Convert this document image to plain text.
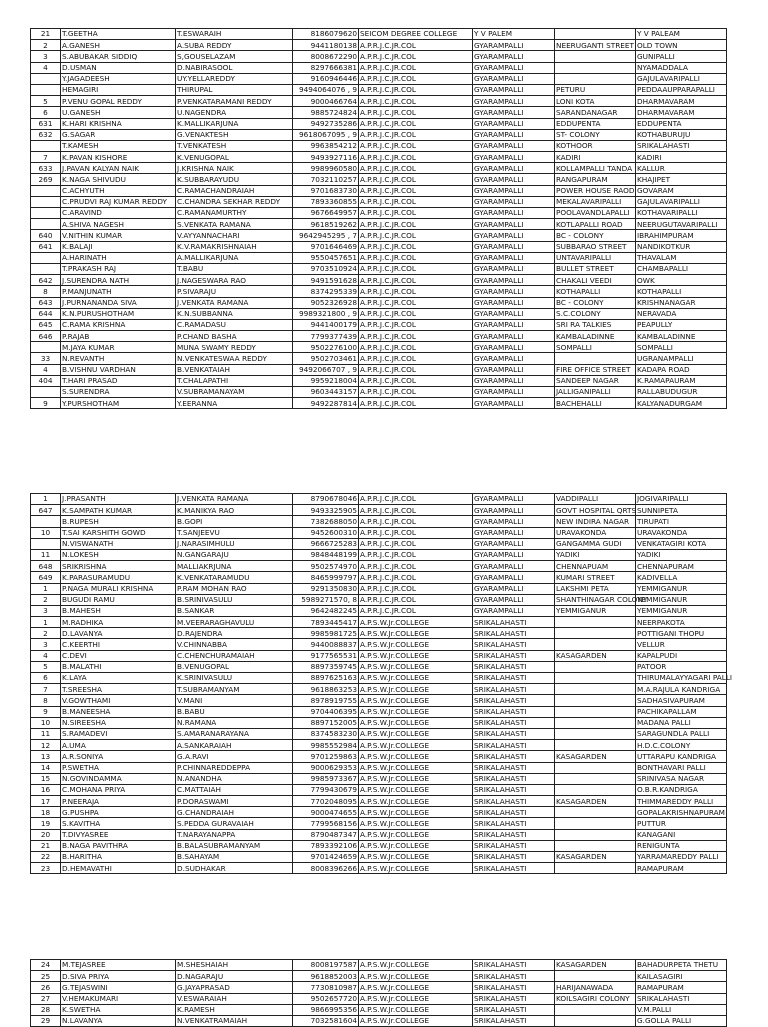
21	T.GEETHA	T.ESWARAIH	8186079620	SEICOM DEGREE COLLEGE	Y V PALEM		Y V PALEAM
2	A.GANESH	A.SUBA REDDY	9441180138	A.P.R.J.C.JR.COL	GYARAMPALLI	NEERUGANTI STREET	OLD TOWN
3	S.ABUBAKAR SIDDIQ	S,GOUSELAZAM	8008672290	A.P.R.J.C.JR.COL	GYARAMPALLI		GUNIPALLI
4	D.USMAN	D.NABIRASOOL	8297666381	A.P.R.J.C.JR.COL	GYARAMPALLI		NYAMADDALA
	Y.JAGADEESH	UY.YELLAREDDY	9160946446	A.P.R.J.C.JR.COL	GYARAMPALLI		GAJULAVARIPALLI
	HEMAGIRI	THIRUPAL	9494064076 , 9	A.P.R.J.C.JR.COL	GYARAMPALLI	PETURU	PEDDAAUPPARAPALLI
5	P.VENU GOPAL REDDY	P.VENKATARAMANI REDDY	9000466764	A.P.R.J.C.JR.COL	GYARAMPALLI	LONI KOTA	DHARMAVARAM
6	U.GANESH	U.NAGENDRA	9885724824	A.P.R.J.C.JR.COL	GYARAMPALLI	SARANDANAGAR	DHARMAVARAM
631	K.HARI KRISHNA	K.MALLIKARJUNA	9492735286	A.P.R.J.C.JR.COL	GYARAMPALLI	EDDUPENTA	EDDUPENTA
632	G.SAGAR	G.VENAKTESH	9618067095 , 9	A.P.R.J.C.JR.COL	GYARAMPALLI	ST- COLONY	KOTHABURUJU
	T.KAMESH	T.VENKATESH	9963854212	A.P.R.J.C.JR.COL	GYARAMPALLI	KOTHOOR	SRIKALAHASTI
7	K.PAVAN KISHORE	K.VENUGOPAL	9493927116	A.P.R.J.C.JR.COL	GYARAMPALLI	KADIRI	KADIRI
633	J.PAVAN KALYAN NAIK	J.KRISHNA NAIK	9989960580	A.P.R.J.C.JR.COL	GYARAMPALLI	KOLLAMPALLI TANDA	KALLUR
269	K.NAGA SHIVUDU	K.SUBBARAYUDU	7032110257	A.P.R.J.C.JR.COL	GYARAMPALLI	RANGAPURAM	KHAJIPET
	C.ACHYUTH	C.RAMACHANDRAIAH	9701683730	A.P.R.J.C.JR.COL	GYARAMPALLI	POWER HOUSE RAOD	GOVARAM
	C.PRUDVI RAJ KUMAR REDDY	C.CHANDRA SEKHAR REDDY	7893360855	A.P.R.J.C.JR.COL	GYARAMPALLI	MEKALAVARIPALLI	GAJULAVARIPALLI
	C.ARAVIND	C.RAMANAMURTHY	9676649957	A.P.R.J.C.JR.COL	GYARAMPALLI	POOLAVANDLAPALLI	KOTHAVARIPALLI
	A.SHIVA NAGESH	S.VENKATA RAMANA	9618519262	A.P.R.J.C.JR.COL	GYARAMPALLI	KOTLAPALLI ROAD	NEERUGUTAVARIPALLI
640	V.NITHIN KUMAR	V.AYYANNACHARI	9642945295 , 7	A.P.R.J.C.JR.COL	GYARAMPALLI	BC - COLONY	IBRAHIMPURAM
641	K.BALAJI	K.V.RAMAKRISHNAIAH	9701646469	A.P.R.J.C.JR.COL	GYARAMPALLI	SUBBARAO STREET	NANDIKOTKUR
	A.HARINATH	A.MALLIKARJUNA	9550457651	A.P.R.J.C.JR.COL	GYARAMPALLI	UNTAVARIPALLI	THAVALAM
	T.PRAKASH RAJ	T.BABU	9703510924	A.P.R.J.C.JR.COL	GYARAMPALLI	BULLET STREET	CHAMBAPALLI
642	J.SURENDRA NATH	J.NAGESWARA RAO	9491591628	A.P.R.J.C.JR.COL	GYARAMPALLI	CHAKALI VEEDI	OWK
8	P.MANJUNATH	P.SIVARAJU	8374295339	A.P.R.J.C.JR.COL	GYARAMPALLI	KOTHAPALLI	KOTHAPALLI
643	J.PURNANANDA SIVA	J.VENKATA RAMANA	9052326928	A.P.R.J.C.JR.COL	GYARAMPALLI	BC - COLONY	KRISHNANAGAR
644	K.N.PURUSHOTHAM	K.N.SUBBANNA	9989321800 , 9	A.P.R.J.C.JR.COL	GYARAMPALLI	S.C.COLONY	NERAVADA
645	C.RAMA KRISHNA	C.RAMADASU	9441400179	A.P.R.J.C.JR.COL	GYARAMPALLI	SRI RA TALKIES	PEAPULLY
646	P.RAJAB	P.CHAND BASHA	7799377439	A.P.R.J.C.JR.COL	GYARAMPALLI	KAMBALADINNE	KAMBALADINNE
	M.JAYA KUMAR	MUNA SWAMY REDDY	9502276100	A.P.R.J.C.JR.COL	GYARAMPALLI	SOMPALLI	SOMPALLI
33	N.REVANTH	N.VENKATESWAA REDDY	9502703461	A.P.R.J.C.JR.COL	GYARAMPALLI		UGRANAMPALLI
4	B.VISHNU VARDHAN	B.VENKATAIAH	9492066707 , 9	A.P.R.J.C.JR.COL	GYARAMPALLI	FIRE OFFICE STREET	KADAPA ROAD
404	T.HARI PRASAD	T.CHALAPATHI	9959218004	A.P.R.J.C.JR.COL	GYARAMPALLI	SANDEEP NAGAR	K.RAMAPAURAM
	S.SURENDRA	V.SUBRAMANAYAM	9603443157	A.P.R.J.C.JR.COL	GYARAMPALLI	JALLIGANIPALLI	RALLABUDUGUR
9	Y.PURSHOTHAM	Y.EERANNA	9492287814	A.P.R.J.C.JR.COL	GYARAMPALLI	BACHEHALLI	KALYANADURGAM
1	J.PRASANTH	J.VENKATA RAMANA	8790678046	A.P.R.J.C.JR.COL	GYARAMPALLI	VADDIPALLI	JOGIVARIPALLI
647	K.SAMPATH KUMAR	K.MANIKYA RAO	9493325905	A.P.R.J.C.JR.COL	GYARAMPALLI	GOVT HOSPITAL QRTS	SUNNIPETA
	B.RUPESH	B.GOPI	7382688050	A.P.R.J.C.JR.COL	GYARAMPALLI	NEW INDIRA NAGAR	TIRUPATI
10	T.SAI KARSHITH GOWD	T.SANJEEVU	9452600310	A.P.R.J.C.JR.COL	GYARAMPALLI	URAVAKONDA	URAVAKONDA
	N.VISWANATH	J.NARASIMHULU	9666725283	A.P.R.J.C.JR.COL	GYARAMPALLI	GANGAMMA GUDI	VENKATAGIRI KOTA
11	N.LOKESH	N.GANGARAJU	9848448199	A.P.R.J.C.JR.COL	GYARAMPALLI	YADIKI	YADIKI
648	SRIKRISHNA	MALLIAKRJUNA	9502574970	A.P.R.J.C.JR.COL	GYARAMPALLI	CHENNAPUAM	CHENNAPURAM
649	K.PARASURAMUDU	K.VENKATARAMUDU	8465999797	A.P.R.J.C.JR.COL	GYARAMPALLI	KUMARI STREET	KADIVELLA
1	P.NAGA MURALI KRISHNA	P.RAM MOHAN RAO	9291350830	A.P.R.J.C.JR.COL	GYARAMPALLI	LAKSHMI PETA	YEMMIGANUR
2	BUGUDI RAMU	B.SRINIVASULU	5989271570, 8	A.P.R.J.C.JR.COL	GYARAMPALLI	SHANTHINAGAR COLONY	YEMMIGANUR
3	B.MAHESH	B.SANKAR	9642482245	A.P.R.J.C.JR.COL	GYARAMPALLI	YEMMIGANUR	YEMMIGANUR
1	M.RADHIKA	M.VEERARAGHAVULU	7893445417	A.P.S.W.Jr.COLLEGE	SRIKALAHASTI		NEERPAKOTA
2	D.LAVANYA	D.RAJENDRA	9985981725	A.P.S.W.Jr.COLLEGE	SRIKALAHASTI		POTTIGANI THOPU
3	C.KEERTHI	V.CHINNABBA	9440088837	A.P.S.W.Jr.COLLEGE	SRIKALAHASTI		VELLUR
4	C.DEVI	C.CHENCHURAMAIAH	9177565531	A.P.S.W.Jr.COLLEGE	SRIKALAHASTI	KASAGARDEN	KAPALPUDI
5	B.MALATHI	B.VENUGOPAL	8897359745	A.P.S.W.Jr.COLLEGE	SRIKALAHASTI		PATOOR
6	K.LAYA	K.SRINIVASULU	8897625163	A.P.S.W.Jr.COLLEGE	SRIKALAHASTI		THIRUMALAYYAGARI PALLI
7	T.SREESHA	T.SUBRAMANYAM	9618863253	A.P.S.W.Jr.COLLEGE	SRIKALAHASTI		M.A.RAJULA KANDRIGA
8	V.GOWTHAMI	V.MANI	8978919755	A.P.S.W.Jr.COLLEGE	SRIKALAHASTI		SADHASIVAPURAM
9	B.MANEESHA	B.BABU	9704406395	A.P.S.W.Jr.COLLEGE	SRIKALAHASTI		PACHIKAPALLAM
10	N.SIREESHA	N.RAMANA	8897152005	A.P.S.W.Jr.COLLEGE	SRIKALAHASTI		MADANA PALLI
11	S.RAMADEVI	S.AMARANARAYANA	8374583230	A.P.S.W.Jr.COLLEGE	SRIKALAHASTI		SARAGUNDLA PALLI
12	A.UMA	A.SANKARAIAH	9985552984	A.P.S.W.Jr.COLLEGE	SRIKALAHASTI		H.D.C.COLONY
13	A.R.SONIYA	G.A.RAVI	9701259863	A.P.S.W.Jr.COLLEGE	SRIKALAHASTI	KASAGARDEN	UTTARAPU KANDRIGA
14	P.SWETHA	P.CHINNAREDDEPPA	9000629353	A.P.S.W.Jr.COLLEGE	SRIKALAHASTI		BONTHAVARI PALLI
15	N.GOVINDAMMA	N.ANANDHA	9985973367	A.P.S.W.Jr.COLLEGE	SRIKALAHASTI		SRINIVASA NAGAR
16	C.MOHANA PRIYA	C.MATTAIAH	7799430679	A.P.S.W.Jr.COLLEGE	SRIKALAHASTI		O.B.R.KANDRIGA
17	P.NEERAJA	P.DORASWAMI	7702048095	A.P.S.W.Jr.COLLEGE	SRIKALAHASTI	KASAGARDEN	THIMMAREDDY PALLI
18	G.PUSHPA	G.CHANDRAIAH	9000474655	A.P.S.W.Jr.COLLEGE	SRIKALAHASTI		GOPALAKRISHNAPURAM
19	S.KAVITHA	S.PEDDA GURAVAIAH	7799568156	A.P.S.W.Jr.COLLEGE	SRIKALAHASTI		PUTTUR
20	T.DIVYASREE	T.NARAYANAPPA	8790487347	A.P.S.W.Jr.COLLEGE	SRIKALAHASTI		KANAGANI
21	B.NAGA PAVITHRA	B.BALASUBRAMANYAM	7893392106	A.P.S.W.Jr.COLLEGE	SRIKALAHASTI		RENIGUNTA
22	B.HARITHA	B.SAHAYAM	9701424659	A.P.S.W.Jr.COLLEGE	SRIKALAHASTI	KASAGARDEN	YARRAMAREDDY PALLI
23	D.HEMAVATHI	D.SUDHAKAR	8008396266	A.P.S.W.Jr.COLLEGE	SRIKALAHASTI		RAMAPURAM
24	M.TEJASREE	M.SHESHAIAH	8008197587	A.P.S.W.Jr.COLLEGE	SRIKALAHASTI	KASAGARDEN	BAHADURPETA THETU
25	D.SIVA PRIYA	D.NAGARAJU	9618852003	A.P.S.W.Jr.COLLEGE	SRIKALAHASTI		KAILASAGIRI
26	G.TEJASWINI	G.JAYAPRASAD	7730810987	A.P.S.W.Jr.COLLEGE	SRIKALAHASTI	HARIJANAWADA	RAMAPURAM
27	V.HEMAKUMARI	V.ESWARAIAH	9502657720	A.P.S.W.Jr.COLLEGE	SRIKALAHASTI	KOILSAGIRI COLONY	SRIKALAHASTI
28	K.SWETHA	K.RAMESH	9866995356	A.P.S.W.Jr.COLLEGE	SRIKALAHASTI		V.M.PALLI
29	N.LAVANYA	N.VENKATRAMAIAH	7032581604	A.P.S.W.Jr.COLLEGE	SRIKALAHASTI		G.GOLLA PALLI
